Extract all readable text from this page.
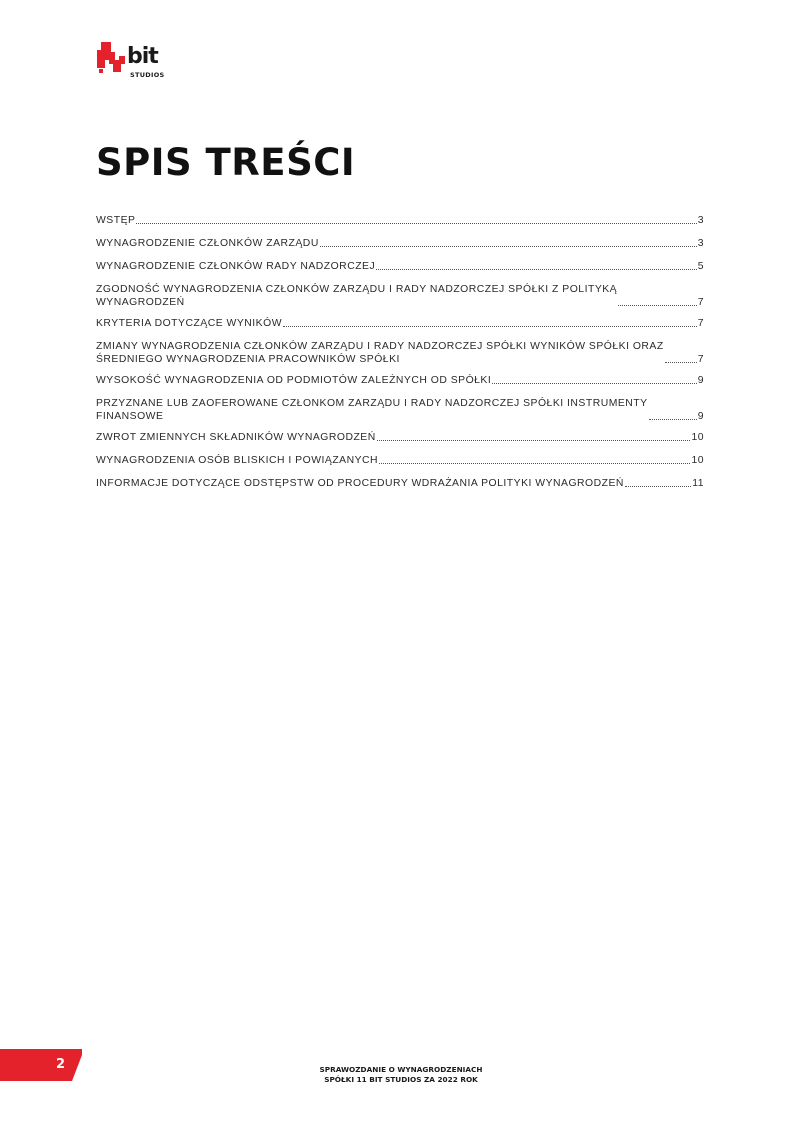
bit
STUDIOS
SPIS TREŚCI
WSTĘP	3
WYNAGRODZENIE CZŁONKÓW ZARZĄDU	3
WYNAGRODZENIE CZŁONKÓW RADY NADZORCZEJ	5
ZGODNOŚĆ WYNAGRODZENIA CZŁONKÓW ZARZĄDU I RADY NADZORCZEJ SPÓŁKI Z POLITYKĄ
WYNAGRODZEŃ	7
KRYTERIA DOTYCZĄCE WYNIKÓW	7
ZMIANY WYNAGRODZENIA CZŁONKÓW ZARZĄDU I RADY NADZORCZEJ SPÓŁKI WYNIKÓW SPÓŁKI ORAZ
ŚREDNIEGO WYNAGRODZENIA PRACOWNIKÓW SPÓŁKI	7
WYSOKOŚĆ WYNAGRODZENIA OD PODMIOTÓW ZALEŻNYCH OD SPÓŁKI	9
PRZYZNANE LUB ZAOFEROWANE CZŁONKOM ZARZĄDU I RADY NADZORCZEJ SPÓŁKI INSTRUMENTY
FINANSOWE	9
ZWROT ZMIENNYCH SKŁADNIKÓW WYNAGRODZEŃ	10
WYNAGRODZENIA OSÓB BLISKICH I POWIĄZANYCH	10
INFORMACJE DOTYCZĄCE ODSTĘPSTW OD PROCEDURY WDRAŻANIA POLITYKI WYNAGRODZEŃ	11
2	SPRAWOZDANIE O WYNAGRODZENIACH
SPÓŁKI 11 BIT STUDIOS ZA 2022 ROK
